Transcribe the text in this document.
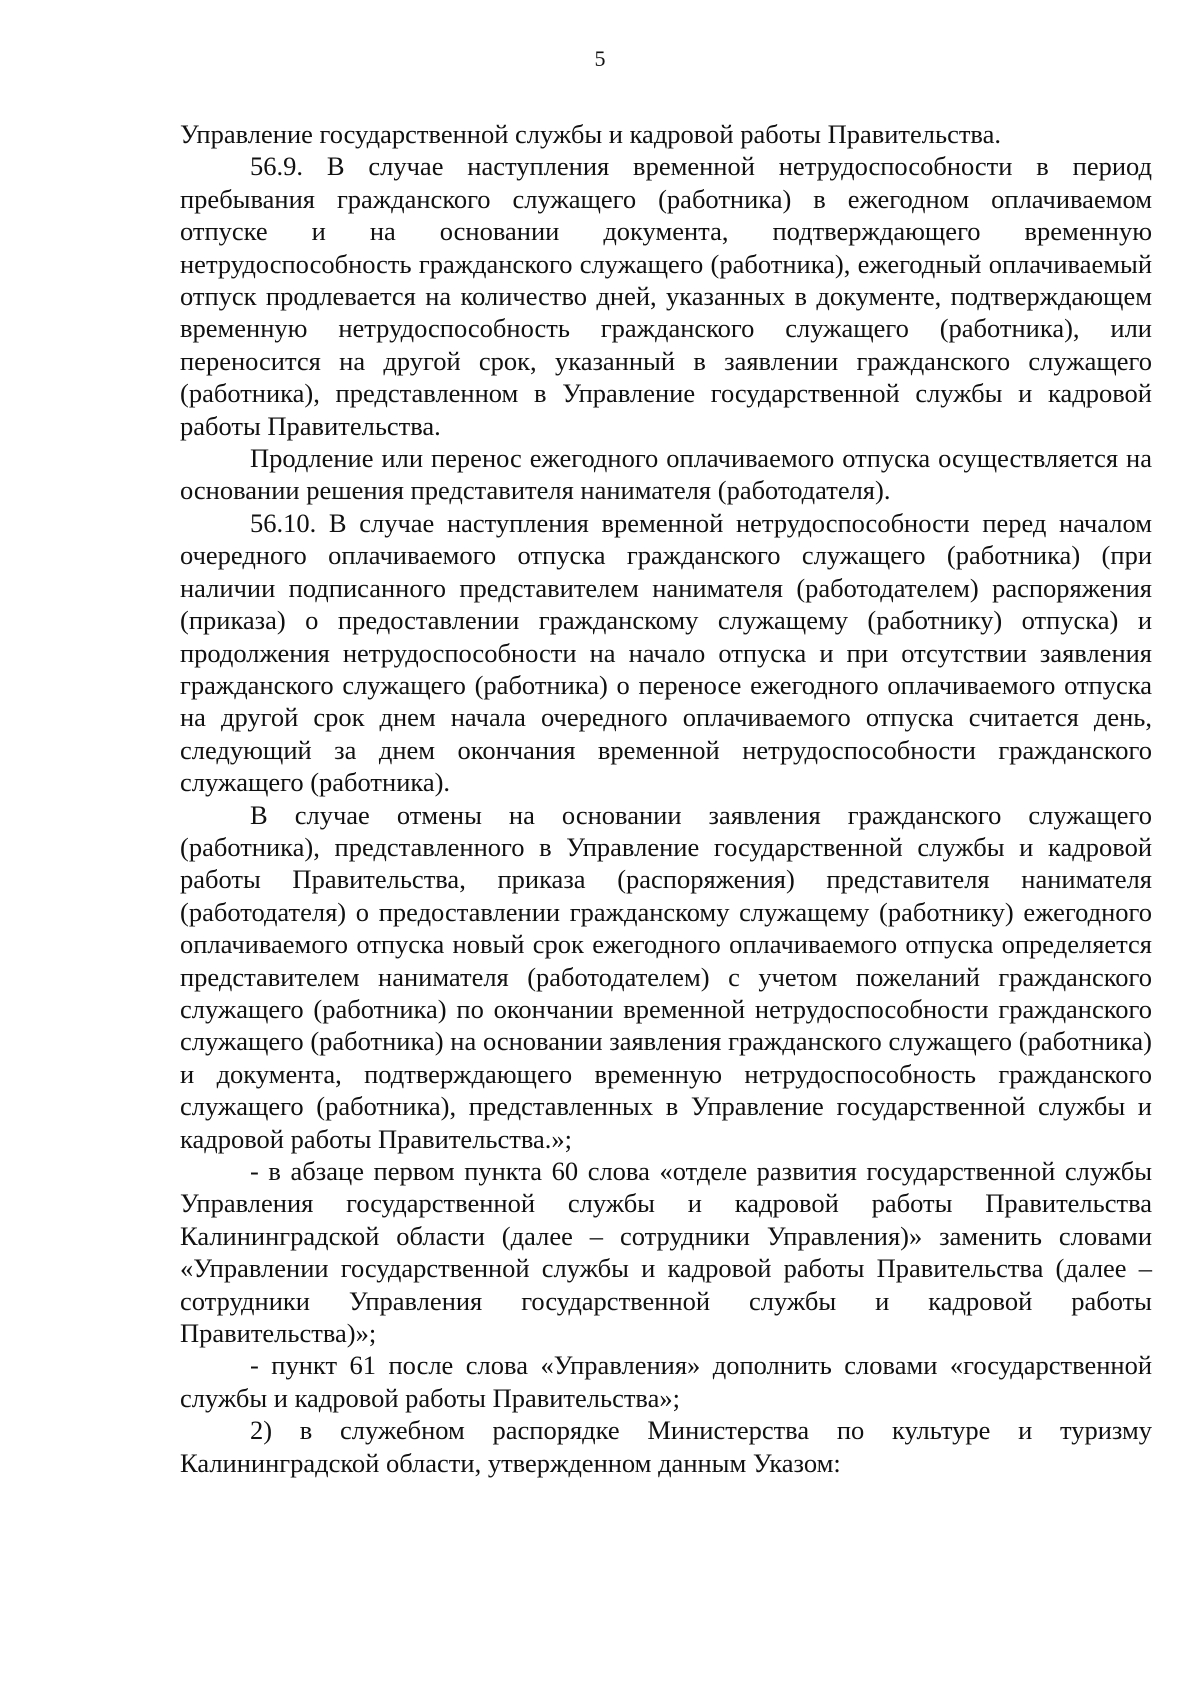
5

Управление государственной службы и кадровой работы Правительства.

56.9. В случае наступления временной нетрудоспособности в период пребывания гражданского служащего (работника) в ежегодном оплачиваемом отпуске и на основании документа, подтверждающего временную нетрудоспособность гражданского служащего (работника), ежегодный оплачиваемый отпуск продлевается на количество дней, указанных в документе, подтверждающем временную нетрудоспособность гражданского служащего (работника), или переносится на другой срок, указанный в заявлении гражданского служащего (работника), представленном в Управление государственной службы и кадровой работы Правительства.

Продление или перенос ежегодного оплачиваемого отпуска осуществляется на основании решения представителя нанимателя (работодателя).

56.10. В случае наступления временной нетрудоспособности перед началом очередного оплачиваемого отпуска гражданского служащего (работника) (при наличии подписанного представителем нанимателя (работодателем) распоряжения (приказа) о предоставлении гражданскому служащему (работнику) отпуска) и продолжения нетрудоспособности на начало отпуска и при отсутствии заявления гражданского служащего (работника) о переносе ежегодного оплачиваемого отпуска на другой срок днем начала очередного оплачиваемого отпуска считается день, следующий за днем окончания временной нетрудоспособности гражданского служащего (работника).

В случае отмены на основании заявления гражданского служащего (работника), представленного в Управление государственной службы и кадровой работы Правительства, приказа (распоряжения) представителя нанимателя (работодателя) о предоставлении гражданскому служащему (работнику) ежегодного оплачиваемого отпуска новый срок ежегодного оплачиваемого отпуска определяется представителем нанимателя (работодателем) с учетом пожеланий гражданского служащего (работника) по окончании временной нетрудоспособности гражданского служащего (работника) на основании заявления гражданского служащего (работника) и документа, подтверждающего временную нетрудоспособность гражданского служащего (работника), представленных в Управление государственной службы и кадровой работы Правительства.»;

- в абзаце первом пункта 60 слова «отделе развития государственной службы Управления государственной службы и кадровой работы Правительства Калининградской области (далее – сотрудники Управления)» заменить словами «Управлении государственной службы и кадровой работы Правительства (далее – сотрудники Управления государственной службы и кадровой работы Правительства)»;

- пункт 61 после слова «Управления» дополнить словами «государственной службы и кадровой работы Правительства»;

2) в служебном распорядке Министерства по культуре и туризму Калининградской области, утвержденном данным Указом:
